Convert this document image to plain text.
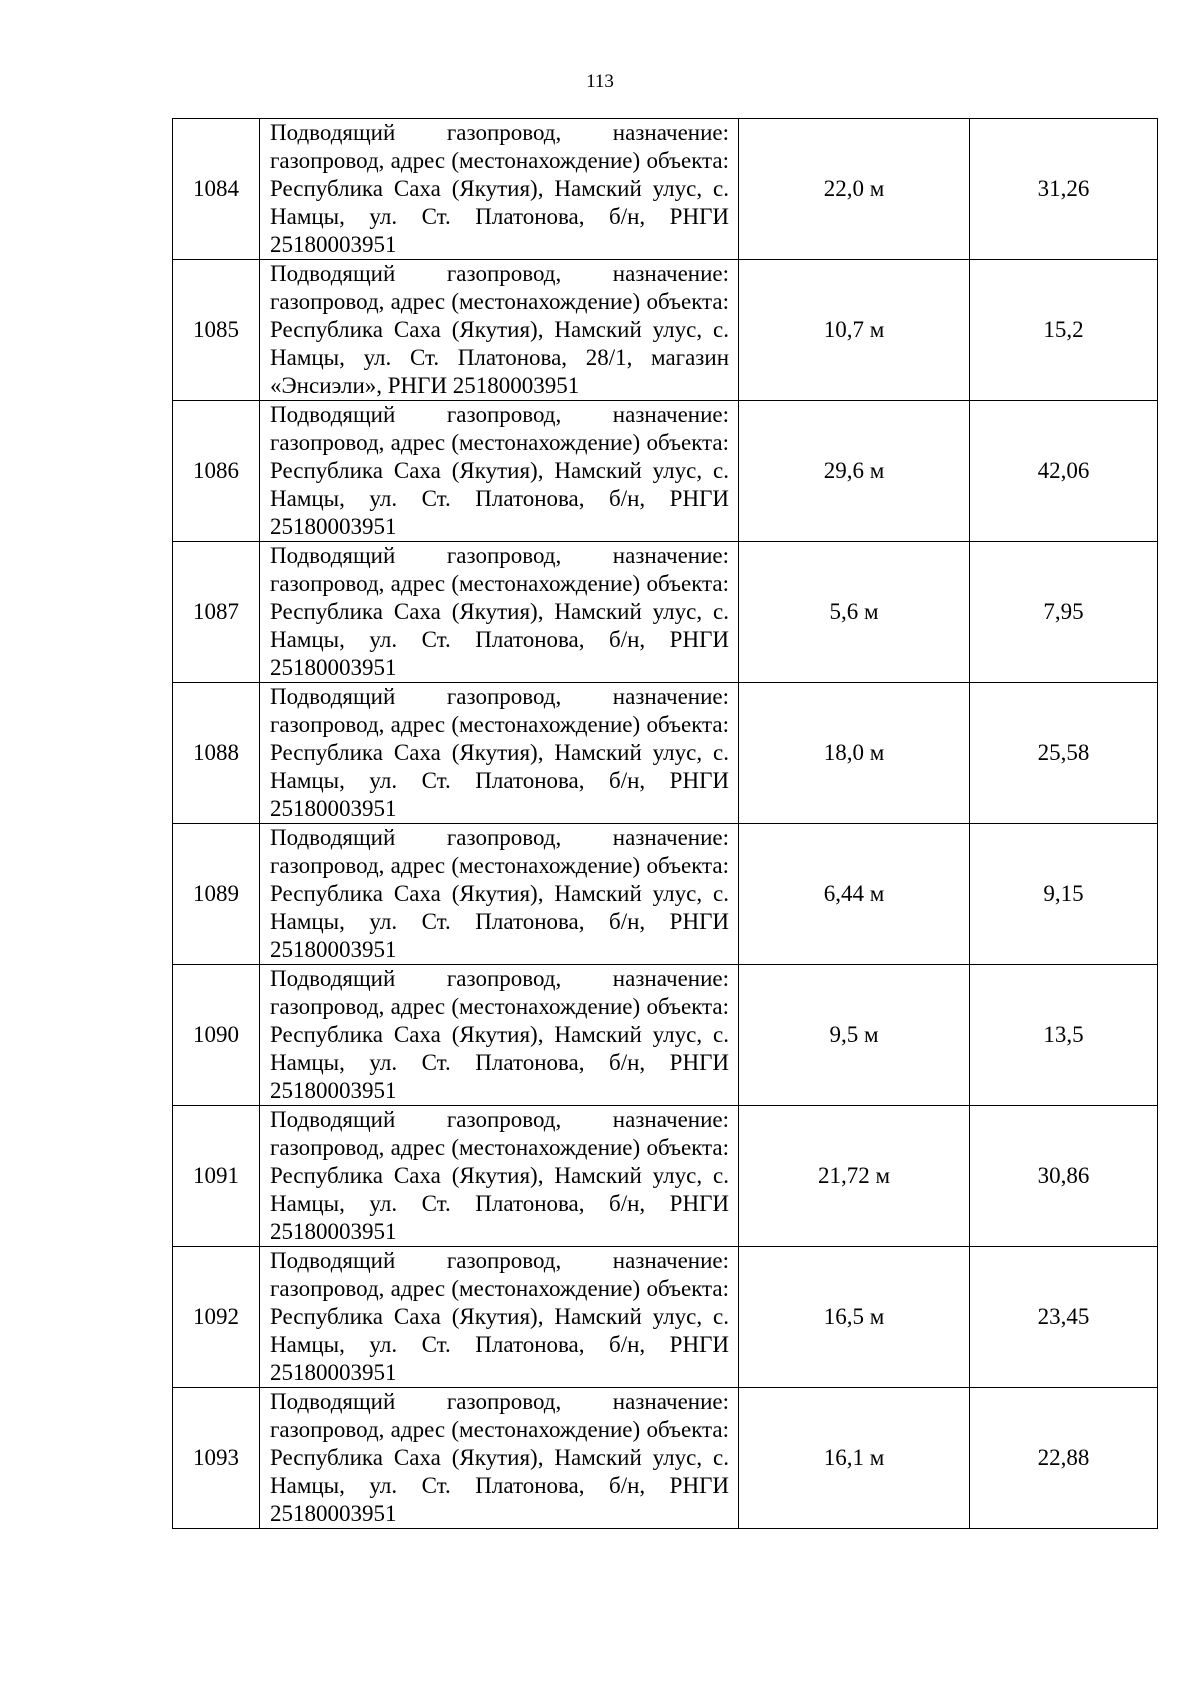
113
1084	Подводящий газопровод, назначение: газопровод, адрес (местонахождение) объекта: Республика Саха (Якутия), Намский улус, с. Намцы, ул. Ст. Платонова, б/н, РНГИ 25180003951	22,0 м	31,26
1085	Подводящий газопровод, назначение: газопровод, адрес (местонахождение) объекта: Республика Саха (Якутия), Намский улус, с. Намцы, ул. Ст. Платонова, 28/1, магазин «Энсиэли», РНГИ 25180003951	10,7 м	15,2
1086	Подводящий газопровод, назначение: газопровод, адрес (местонахождение) объекта: Республика Саха (Якутия), Намский улус, с. Намцы, ул. Ст. Платонова, б/н, РНГИ 25180003951	29,6 м	42,06
1087	Подводящий газопровод, назначение: газопровод, адрес (местонахождение) объекта: Республика Саха (Якутия), Намский улус, с. Намцы, ул. Ст. Платонова, б/н, РНГИ 25180003951	5,6 м	7,95
1088	Подводящий газопровод, назначение: газопровод, адрес (местонахождение) объекта: Республика Саха (Якутия), Намский улус, с. Намцы, ул. Ст. Платонова, б/н, РНГИ 25180003951	18,0 м	25,58
1089	Подводящий газопровод, назначение: газопровод, адрес (местонахождение) объекта: Республика Саха (Якутия), Намский улус, с. Намцы, ул. Ст. Платонова, б/н, РНГИ 25180003951	6,44 м	9,15
1090	Подводящий газопровод, назначение: газопровод, адрес (местонахождение) объекта: Республика Саха (Якутия), Намский улус, с. Намцы, ул. Ст. Платонова, б/н, РНГИ 25180003951	9,5 м	13,5
1091	Подводящий газопровод, назначение: газопровод, адрес (местонахождение) объекта: Республика Саха (Якутия), Намский улус, с. Намцы, ул. Ст. Платонова, б/н, РНГИ 25180003951	21,72 м	30,86
1092	Подводящий газопровод, назначение: газопровод, адрес (местонахождение) объекта: Республика Саха (Якутия), Намский улус, с. Намцы, ул. Ст. Платонова, б/н, РНГИ 25180003951	16,5 м	23,45
1093	Подводящий газопровод, назначение: газопровод, адрес (местонахождение) объекта: Республика Саха (Якутия), Намский улус, с. Намцы, ул. Ст. Платонова, б/н, РНГИ 25180003951	16,1 м	22,88
